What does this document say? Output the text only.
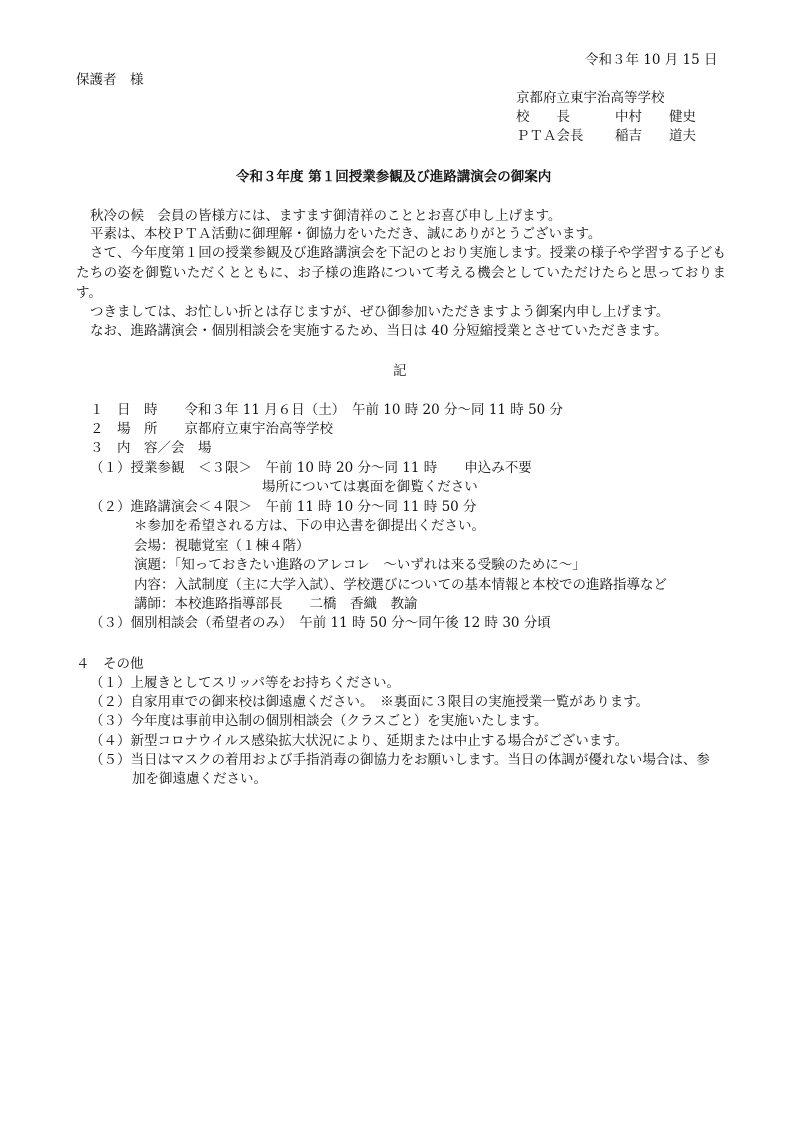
令和３年 10 月 15 日
保護者　様
京都府立東宇治高等学校
校　　長	中村　　健史
ＰＴＡ会長 稲吉　　道夫
令和３年度 第１回授業参観及び進路講演会の御案内
秋冷の候　会員の皆様方には、ますます御清祥のこととお喜び申し上げます。
平素は、本校ＰＴＡ活動に御理解・御協力をいただき、誠にありがとうございます。
さて、今年度第１回の授業参観及び進路講演会を下記のとおり実施します。授業の様子や学習する子どもたちの姿を御覧いただくとともに、お子様の進路について考える機会としていただけたらと思っております。
つきましては、お忙しい折とは存じますが、ぜひ御参加いただきますよう御案内申し上げます。
なお、進路講演会・個別相談会を実施するため、当日は 40 分短縮授業とさせていただきます。
記
１　日　時　　令和３年 11 月６日（土）　午前 10 時 20 分～同 11 時 50 分
２　場　所　　京都府立東宇治高等学校
３　内　容／会　場
（１）授業参観　＜３限＞　午前 10 時 20 分～同 11 時　　申込み不要
場所については裏面を御覧ください
（２）進路講演会＜４限＞　午前 11 時 10 分～同 11 時 50 分
＊参加を希望される方は、下の申込書を御提出ください。
会場：視聴覚室（１棟４階）
演題：「知っておきたい進路のアレコレ　～いずれは来る受験のために～」
内容：入試制度（主に大学入試）、学校選びについての基本情報と本校での進路指導など
講師：本校進路指導部長　　二橋　香織　教諭
（３）個別相談会（希望者のみ）　午前 11 時 50 分～同午後 12 時 30 分頃
４　その他
（１）上履きとしてスリッパ等をお持ちください。
（２）自家用車での御来校は御遠慮ください。　※裏面に３限目の実施授業一覧があります。
（３）今年度は事前申込制の個別相談会（クラスごと）を実施いたします。
（４）新型コロナウイルス感染拡大状況により、延期または中止する場合がございます。
（５）当日はマスクの着用および手指消毒の御協力をお願いします。当日の体調が優れない場合は、参
加を御遠慮ください。
